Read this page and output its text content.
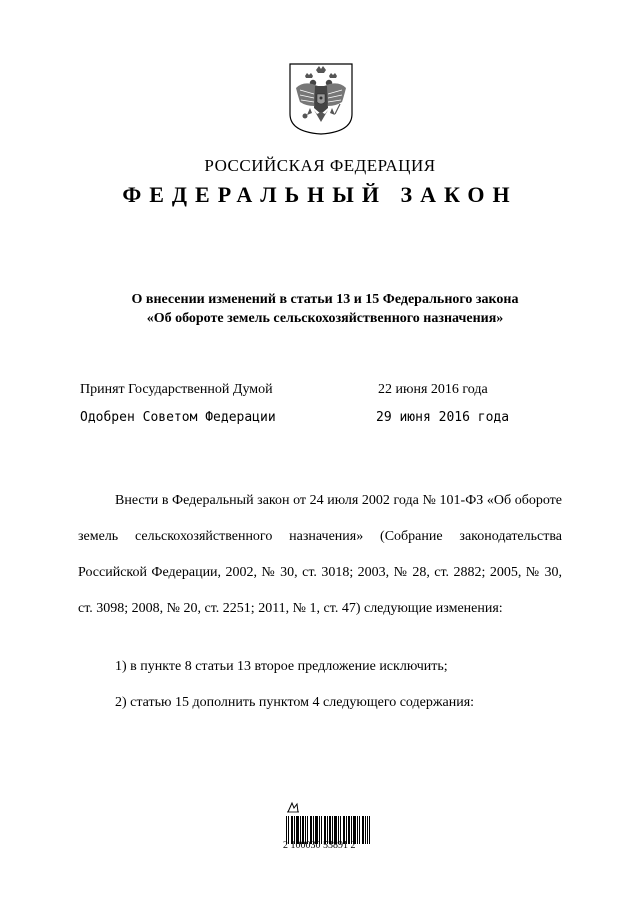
РОССИЙСКАЯ ФЕДЕРАЦИЯ
ФЕДЕРАЛЬНЫЙ ЗАКОН
О внесении изменений в статьи 13 и 15 Федерального закона
«Об обороте земель сельскохозяйственного назначения»
Принят Государственной Думой	22 июня 2016 года
Одобрен Советом Федерации	29 июня 2016 года

Внести в Федеральный закон от 24 июля 2002 года № 101-ФЗ «Об обороте земель сельскохозяйственного назначения» (Собрание законодательства Российской Федерации, 2002, № 30, ст. 3018; 2003, № 28, ст. 2882; 2005, № 30, ст. 3098; 2008, № 20, ст. 2251; 2011, № 1, ст. 47) следующие изменения:

1) в пункте 8 статьи 13 второе предложение исключить;
2) статью 15 дополнить пунктом 4 следующего содержания:
2 100030 53891 2
